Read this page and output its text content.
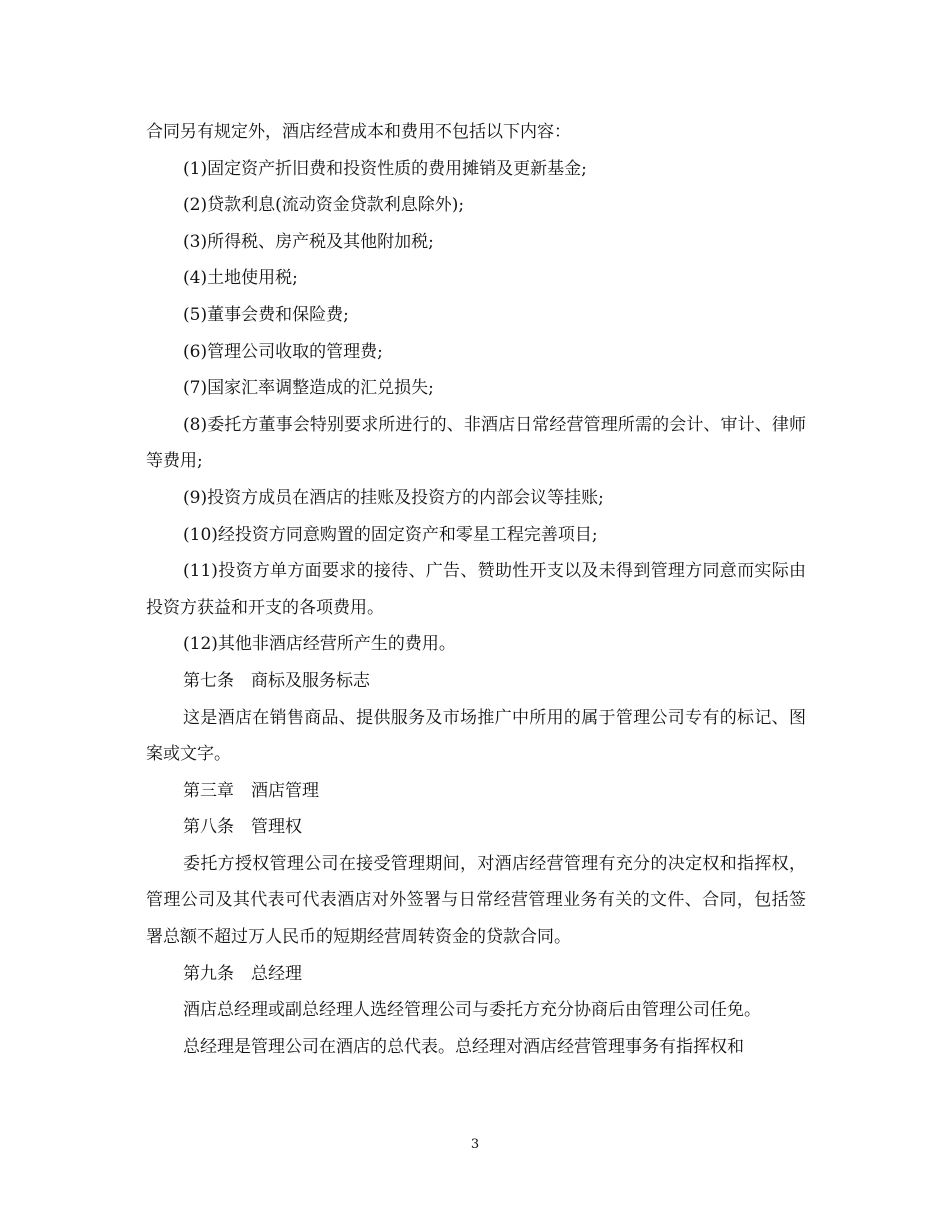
合同另有规定外，酒店经营成本和费用不包括以下内容：

(1)固定资产折旧费和投资性质的费用摊销及更新基金;

(2)贷款利息(流动资金贷款利息除外);

(3)所得税、房产税及其他附加税;

(4)土地使用税;

(5)董事会费和保险费;

(6)管理公司收取的管理费;

(7)国家汇率调整造成的汇兑损失;

(8)委托方董事会特别要求所进行的、非酒店日常经营管理所需的会计、审计、律师等费用;

(9)投资方成员在酒店的挂账及投资方的内部会议等挂账;

(10)经投资方同意购置的固定资产和零星工程完善项目;

(11)投资方单方面要求的接待、广告、赞助性开支以及未得到管理方同意而实际由投资方获益和开支的各项费用。

(12)其他非酒店经营所产生的费用。

第七条　商标及服务标志

这是酒店在销售商品、提供服务及市场推广中所用的属于管理公司专有的标记、图案或文字。

第三章　酒店管理

第八条　管理权

委托方授权管理公司在接受管理期间，对酒店经营管理有充分的决定权和指挥权，管理公司及其代表可代表酒店对外签署与日常经营管理业务有关的文件、合同，包括签署总额不超过万人民币的短期经营周转资金的贷款合同。

第九条　总经理

酒店总经理或副总经理人选经管理公司与委托方充分协商后由管理公司任免。

总经理是管理公司在酒店的总代表。总经理对酒店经营管理事务有指挥权和

3
